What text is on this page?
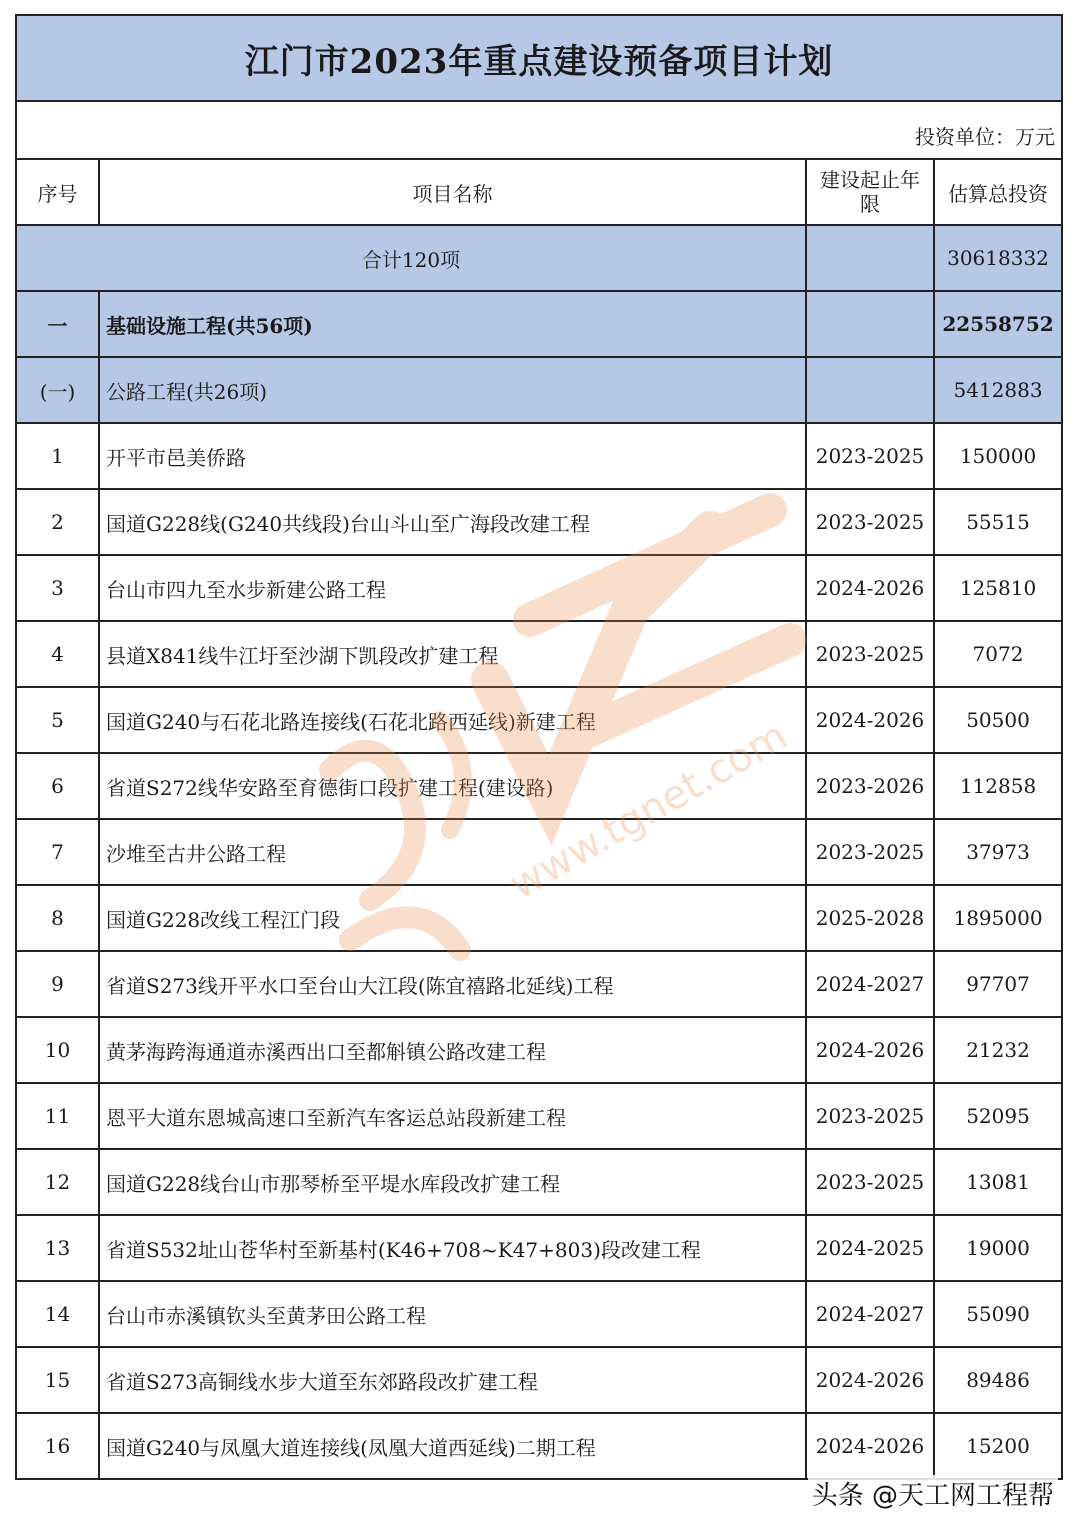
江门市2023年重点建设预备项目计划			
投资单位：万元			
序号	项目名称	建设起止年限	估算总投资
合计120项			30618332
一	基础设施工程(共56项)		22558752
(一)	公路工程(共26项)		5412883
1	开平市邑美侨路	2023-2025	150000
2	国道G228线(G240共线段)台山斗山至广海段改建工程	2023-2025	55515
3	台山市四九至水步新建公路工程	2024-2026	125810
4	县道X841线牛江圩至沙湖下凯段改扩建工程	2023-2025	7072
5	国道G240与石花北路连接线(石花北路西延线)新建工程	2024-2026	50500
6	省道S272线华安路至育德街口段扩建工程(建设路)	2023-2026	112858
7	沙堆至古井公路工程	2023-2025	37973
8	国道G228改线工程江门段	2025-2028	1895000
9	省道S273线开平水口至台山大江段(陈宜禧路北延线)工程	2024-2027	97707
10	黄茅海跨海通道赤溪西出口至都斛镇公路改建工程	2024-2026	21232
11	恩平大道东恩城高速口至新汽车客运总站段新建工程	2023-2025	52095
12	国道G228线台山市那琴桥至平堤水库段改扩建工程	2023-2025	13081
13	省道S532址山苍华村至新基村(K46+708~K47+803)段改建工程	2024-2025	19000
14	台山市赤溪镇钦头至黄茅田公路工程	2024-2027	55090
15	省道S273高铜线水步大道至东郊路段改扩建工程	2024-2026	89486
16	国道G240与凤凰大道连接线(凤凰大道西延线)二期工程	2024-2026	15200
www.tgnet.com
头条 @天工网工程帮
